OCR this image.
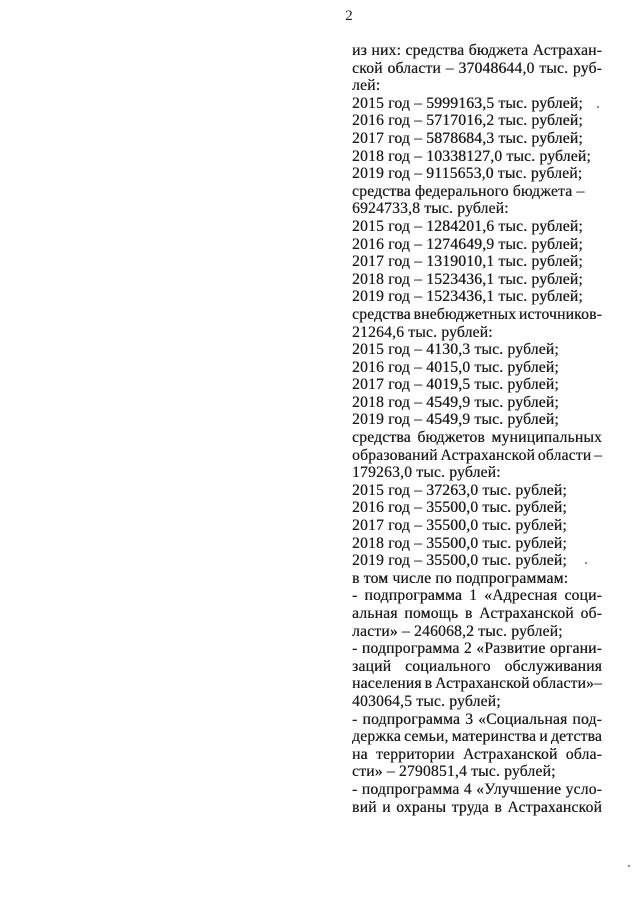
2
из них: средства бюджета Астрахан-
ской области – 37048644,0 тыс. руб-
лей:
2015 год – 5999163,5 тыс. рублей;
2016 год – 5717016,2 тыс. рублей;
2017 год – 5878684,3 тыс. рублей;
2018 год – 10338127,0 тыс. рублей;
2019 год – 9115653,0 тыс. рублей;
средства федерального бюджета –
6924733,8 тыс. рублей:
2015 год – 1284201,6 тыс. рублей;
2016 год – 1274649,9 тыс. рублей;
2017 год – 1319010,1 тыс. рублей;
2018 год – 1523436,1 тыс. рублей;
2019 год – 1523436,1 тыс. рублей;
средства внебюджетных источников-
21264,6 тыс. рублей:
2015 год – 4130,3 тыс. рублей;
2016 год – 4015,0 тыс. рублей;
2017 год – 4019,5 тыс. рублей;
2018 год – 4549,9 тыс. рублей;
2019 год – 4549,9 тыс. рублей;
средства бюджетов муниципальных
образований Астраханской области –
179263,0 тыс. рублей:
2015 год – 37263,0 тыс. рублей;
2016 год – 35500,0 тыс. рублей;
2017 год – 35500,0 тыс. рублей;
2018 год – 35500,0 тыс. рублей;
2019 год – 35500,0 тыс. рублей;
в том числе по подпрограммам:
- подпрограмма 1 «Адресная соци-
альная помощь в Астраханской об-
ласти» – 246068,2 тыс. рублей;
- подпрограмма 2 «Развитие органи-
заций социального обслуживания
населения в Астраханской области»–
403064,5 тыс. рублей;
- подпрограмма 3 «Социальная под-
держка семьи, материнства и детства
на территории Астраханской обла-
сти» – 2790851,4 тыс. рублей;
- подпрограмма 4 «Улучшение усло-
вий и охраны труда в Астраханской
